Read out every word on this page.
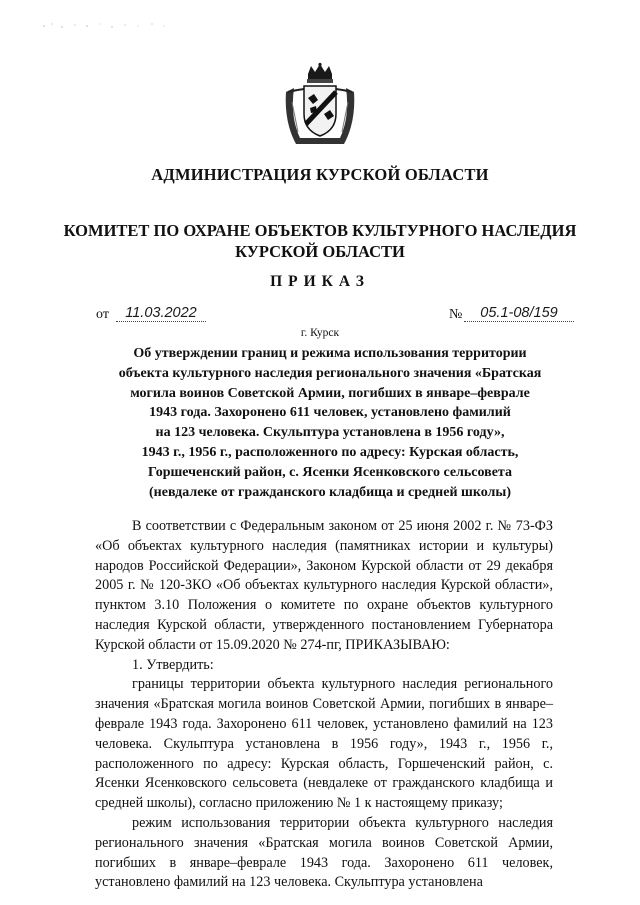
АДМИНИСТРАЦИЯ КУРСКОЙ ОБЛАСТИ
КОМИТЕТ ПО ОХРАНЕ ОБЪЕКТОВ КУЛЬТУРНОГО НАСЛЕДИЯ
КУРСКОЙ ОБЛАСТИ
ПРИКАЗ
от	11.03.2022	№	05.1-08/159
г. Курск
Об утверждении границ и режима использования территории
объекта культурного наследия регионального значения «Братская
могила воинов Советской Армии, погибших в январе–феврале
1943 года. Захоронено 611 человек, установлено фамилий
на 123 человека. Скульптура установлена в 1956 году»,
1943 г., 1956 г., расположенного по адресу: Курская область,
Горшеченский район, с. Ясенки Ясенковского сельсовета
(невдалеке от гражданского кладбища и средней школы)

В соответствии с Федеральным законом от 25 июня 2002 г. № 73-ФЗ «Об объектах культурного наследия (памятниках истории и культуры) народов Российской Федерации», Законом Курской области от 29 декабря 2005 г. № 120-ЗКО «Об объектах культурного наследия Курской области», пунктом 3.10 Положения о комитете по охране объектов культурного наследия Курской области, утвержденного постановлением Губернатора Курской области от 15.09.2020 № 274-пг, ПРИКАЗЫВАЮ:

1. Утвердить:

границы территории объекта культурного наследия регионального значения «Братская могила воинов Советской Армии, погибших в январе–феврале 1943 года. Захоронено 611 человек, установлено фамилий на 123 человека. Скульптура установлена в 1956 году», 1943 г., 1956 г., расположенного по адресу: Курская область, Горшеченский район, с. Ясенки Ясенковского сельсовета (невдалеке от гражданского кладбища и средней школы), согласно приложению № 1 к настоящему приказу;

режим использования территории объекта культурного наследия регионального значения «Братская могила воинов Советской Армии, погибших в январе–феврале 1943 года. Захоронено 611 человек, установлено фамилий на 123 человека. Скульптура установлена
